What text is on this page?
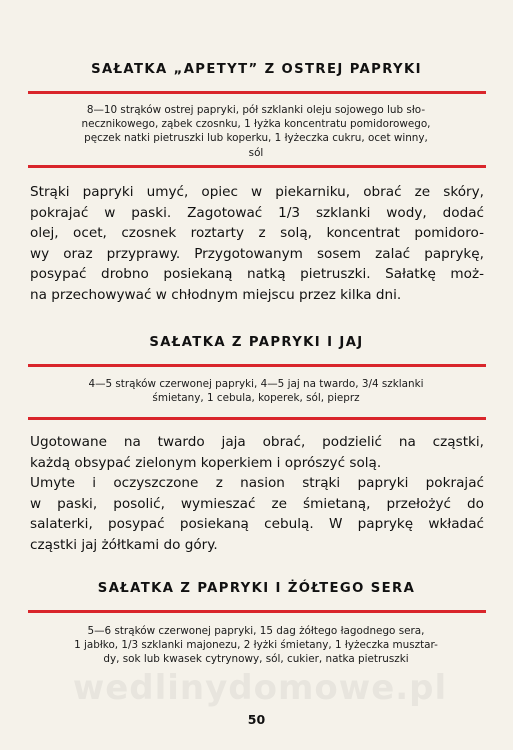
SAŁATKA „APETYT” Z OSTREJ PAPRYKI
8—10 strąków ostrej papryki, pół szklanki oleju sojowego lub sło-
necznikowego, ząbek czosnku, 1 łyżka koncentratu pomidorowego,
pęczek natki pietruszki lub koperku, 1 łyżeczka cukru, ocet winny,
sól
Strąki papryki umyć, opiec w piekarniku, obrać ze skóry,
pokrajać w paski. Zagotować 1/3 szklanki wody, dodać
olej, ocet, czosnek roztarty z solą, koncentrat pomidoro-
wy oraz przyprawy. Przygotowanym sosem zalać paprykę,
posypać drobno posiekaną natką pietruszki. Sałatkę moż-
na przechowywać w chłodnym miejscu przez kilka dni.
SAŁATKA Z PAPRYKI I JAJ
4—5 strąków czerwonej papryki, 4—5 jaj na twardo, 3/4 szklanki
śmietany, 1 cebula, koperek, sól, pieprz
Ugotowane na twardo jaja obrać, podzielić na cząstki,
każdą obsypać zielonym koperkiem i oprószyć solą.
Umyte i oczyszczone z nasion strąki papryki pokrajać
w paski, posolić, wymieszać ze śmietaną, przełożyć do
salaterki, posypać posiekaną cebulą. W paprykę wkładać
cząstki jaj żółtkami do góry.
SAŁATKA Z PAPRYKI I ŻÓŁTEGO SERA
5—6 strąków czerwonej papryki, 15 dag żółtego łagodnego sera,
1 jabłko, 1/3 szklanki majonezu, 2 łyżki śmietany, 1 łyżeczka musztar-
dy, sok lub kwasek cytrynowy, sól, cukier, natka pietruszki
wedlinydomowe.pl
50
